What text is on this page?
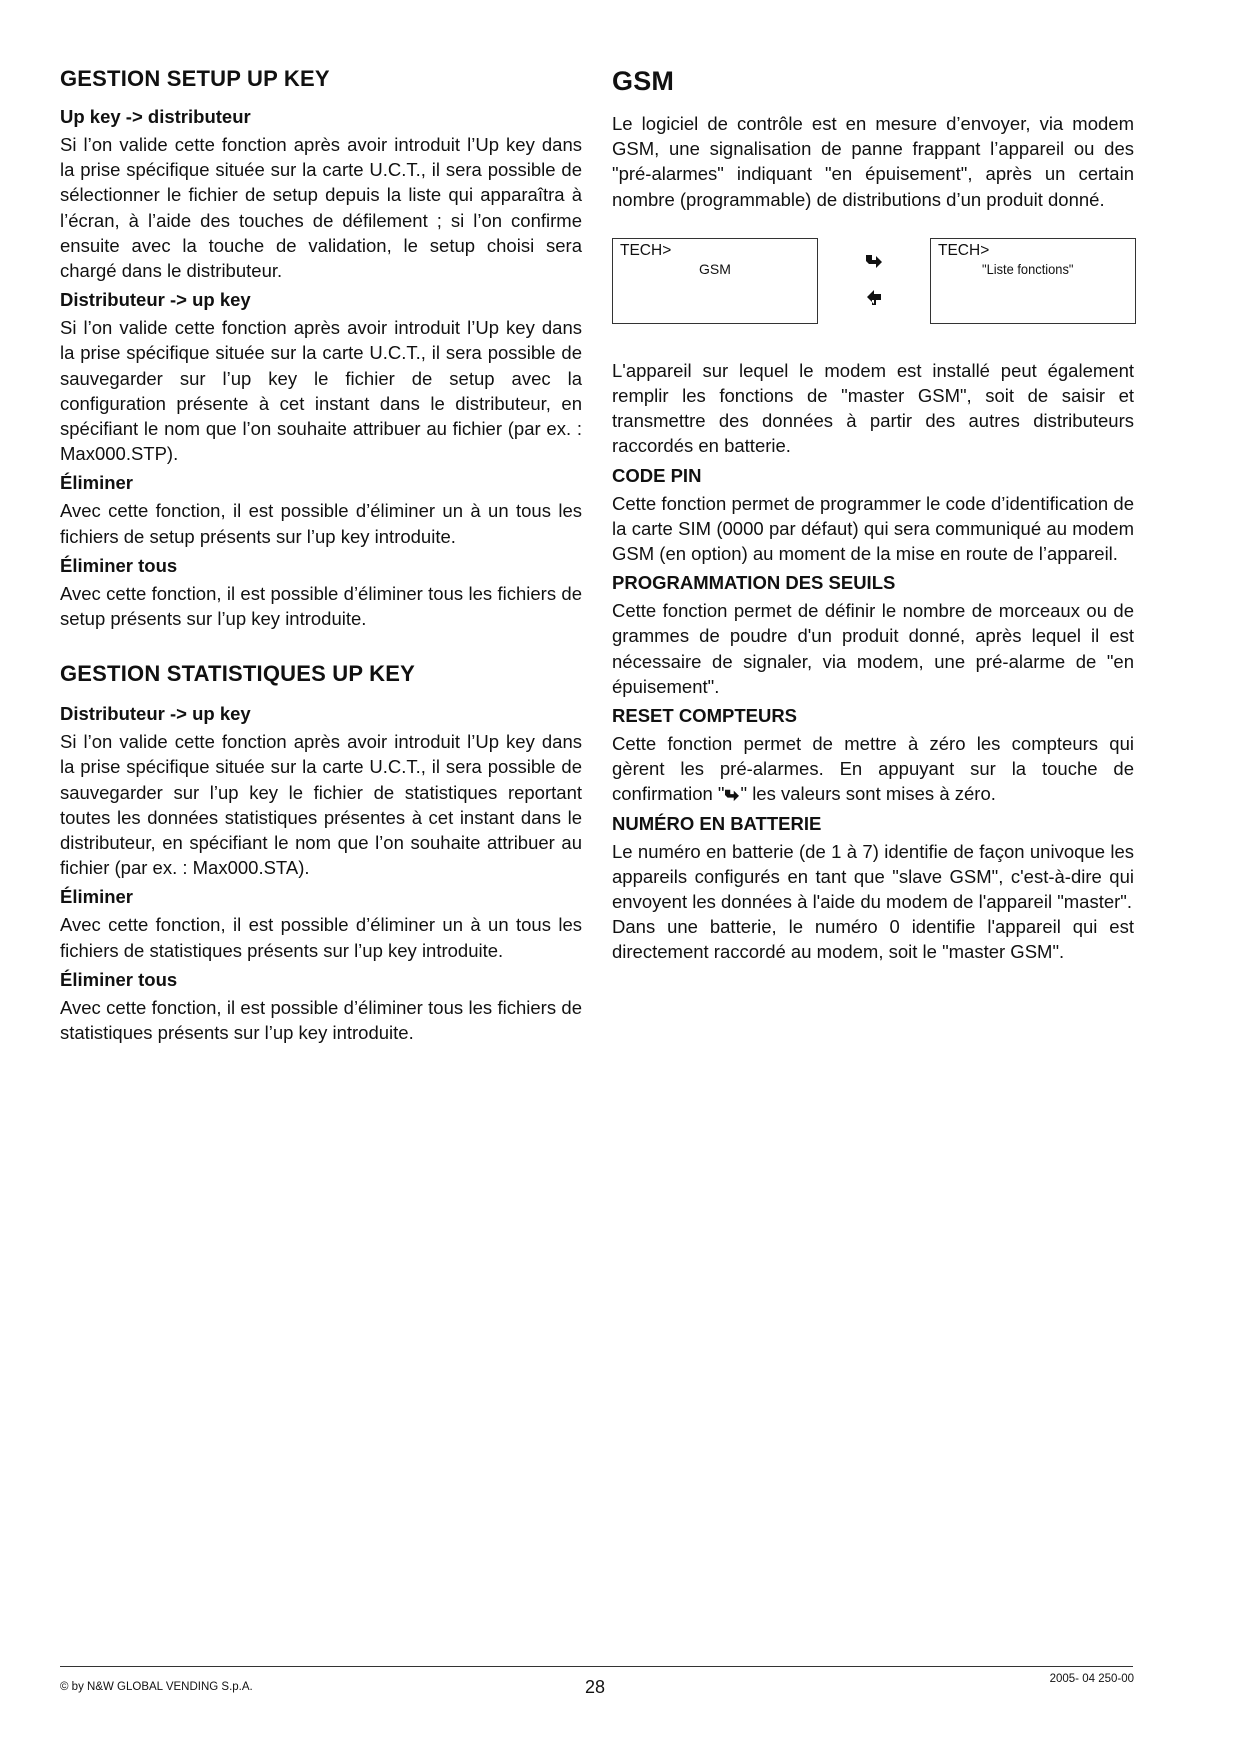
GESTION SETUP UP KEY
Up key -> distributeur

Si l’on valide cette fonction après avoir introduit l’Up key dans la prise spécifique située sur la carte U.C.T., il sera possible de sélectionner le fichier de setup depuis la liste qui apparaîtra à l’écran, à l’aide des touches de défilement ; si l’on confirme ensuite avec la touche de validation, le setup choisi sera chargé dans le distributeur.

Distributeur -> up key

Si l’on valide cette fonction après avoir introduit l’Up key dans la prise spécifique située sur la carte U.C.T., il sera possible de sauvegarder sur l’up key le fichier de setup avec la configuration présente à cet instant dans le distributeur, en spécifiant le nom que l’on souhaite attribuer au fichier (par ex. : Max000.STP).

Éliminer

Avec cette fonction, il est possible d’éliminer un à un tous les fichiers de setup présents sur l’up key introduite.

Éliminer tous

Avec cette fonction, il est possible d’éliminer tous les fichiers de setup présents sur l’up key introduite.

GESTION STATISTIQUES UP KEY
Distributeur -> up key

Si l’on valide cette fonction après avoir introduit l’Up key dans la prise spécifique située sur la carte U.C.T., il sera possible de sauvegarder sur l’up key le fichier de statistiques reportant toutes les données statistiques présentes à cet instant dans le distributeur, en spécifiant le nom que l’on souhaite attribuer au fichier (par ex. : Max000.STA).

Éliminer

Avec cette fonction, il est possible d’éliminer un à un tous les fichiers de statistiques présents sur l’up key introduite.

Éliminer tous

Avec cette fonction, il est possible d’éliminer tous les fichiers de statistiques présents sur l’up key introduite.

GSM

Le logiciel de contrôle est en mesure d’envoyer, via modem GSM, une signalisation de panne frappant l’appareil ou des "pré-alarmes" indiquant "en épuisement", après un certain nombre (programmable) de distributions d’un produit donné.

TECH>
GSM
TECH>
"Liste fonctions"

L'appareil sur lequel le modem est installé peut également remplir les fonctions de "master GSM", soit de saisir et transmettre des données à partir des autres distributeurs raccordés en batterie.

CODE PIN

Cette fonction permet de programmer le code d’identification de la carte SIM (0000 par défaut) qui sera communiqué au modem GSM (en option) au moment de la mise en route de l’appareil.

PROGRAMMATION DES SEUILS

Cette fonction permet de définir le nombre de morceaux ou de grammes de poudre d'un produit donné, après lequel il est nécessaire de signaler, via modem, une pré-alarme de "en épuisement".

RESET COMPTEURS

Cette fonction permet de mettre à zéro les compteurs qui gèrent les pré-alarmes. En appuyant sur la touche de confirmation " " les valeurs sont mises à zéro.

NUMÉRO EN BATTERIE

Le numéro en batterie (de 1 à 7) identifie de façon univoque les appareils configurés en tant que "slave GSM", c'est-à-dire qui envoyent les données à l'aide du modem de l'appareil "master".

Dans une batterie, le numéro 0 identifie l'appareil qui est directement raccordé au modem, soit le "master GSM".

© by N&W GLOBAL VENDING S.p.A.	28	2005- 04 250-00
